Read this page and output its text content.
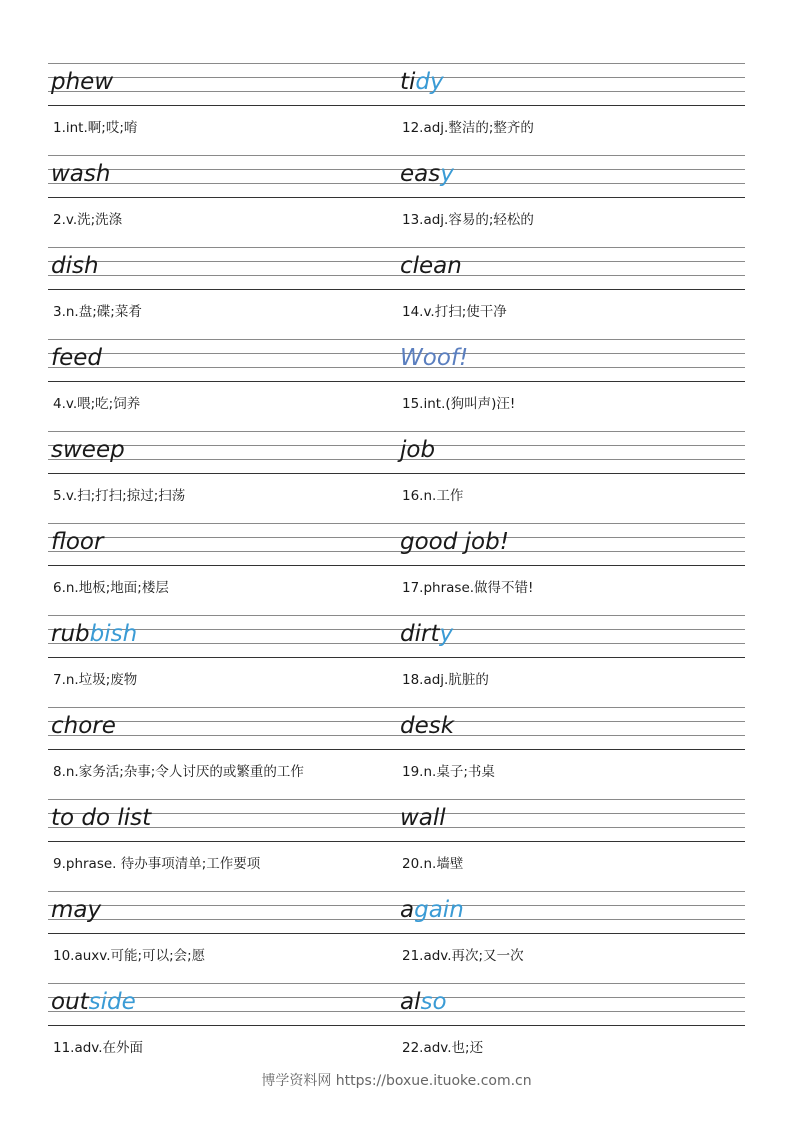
phew
1.int.啊;哎;唷
tidy
12.adj.整洁的;整齐的
wash
2.v.洗;洗涤
easy
13.adj.容易的;轻松的
dish
3.n.盘;碟;菜肴
clean
14.v.打扫;使干净
feed
4.v.喂;吃;饲养
Woof!
15.int.(狗叫声)汪!
sweep
5.v.扫;打扫;掠过;扫荡
job
16.n.工作
floor
6.n.地板;地面;楼层
good job!
17.phrase.做得不错!
rubbish
7.n.垃圾;废物
dirty
18.adj.肮脏的
chore
8.n.家务活;杂事;令人讨厌的或繁重的工作
desk
19.n.桌子;书桌
to do list
9.phrase. 待办事项清单;工作要项
wall
20.n.墙壁
may
10.auxv.可能;可以;会;愿
again
21.adv.再次;又一次
outside
11.adv.在外面
also
22.adv.也;还
博学资料网 https://boxue.ituoke.com.cn
